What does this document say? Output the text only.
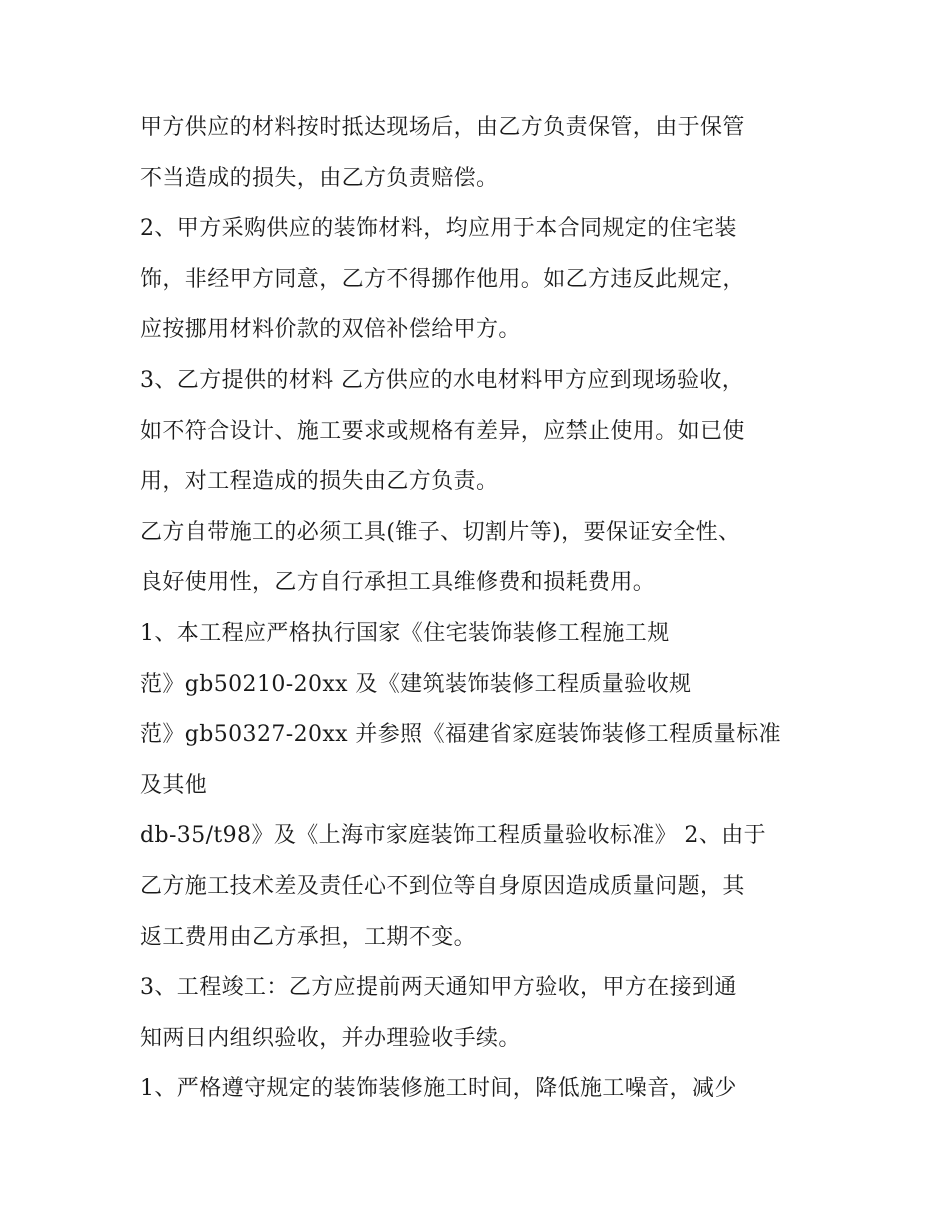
甲方供应的材料按时抵达现场后，由乙方负责保管，由于保管
不当造成的损失，由乙方负责赔偿。
2、甲方采购供应的装饰材料，均应用于本合同规定的住宅装
饰，非经甲方同意，乙方不得挪作他用。如乙方违反此规定，
应按挪用材料价款的双倍补偿给甲方。
3、乙方提供的材料 乙方供应的水电材料甲方应到现场验收，
如不符合设计、施工要求或规格有差异，应禁止使用。如已使
用，对工程造成的损失由乙方负责。
乙方自带施工的必须工具(锥子、切割片等)，要保证安全性、
良好使用性，乙方自行承担工具维修费和损耗费用。
1、本工程应严格执行国家《住宅装饰装修工程施工规
范》gb50210-20xx 及《建筑装饰装修工程质量验收规
范》gb50327-20xx 并参照《福建省家庭装饰装修工程质量标准
及其他
db-35/t98》及《上海市家庭装饰工程质量验收标准》 2、由于
乙方施工技术差及责任心不到位等自身原因造成质量问题，其
返工费用由乙方承担，工期不变。
3、工程竣工：乙方应提前两天通知甲方验收，甲方在接到通
知两日内组织验收，并办理验收手续。
1、严格遵守规定的装饰装修施工时间，降低施工噪音，减少
